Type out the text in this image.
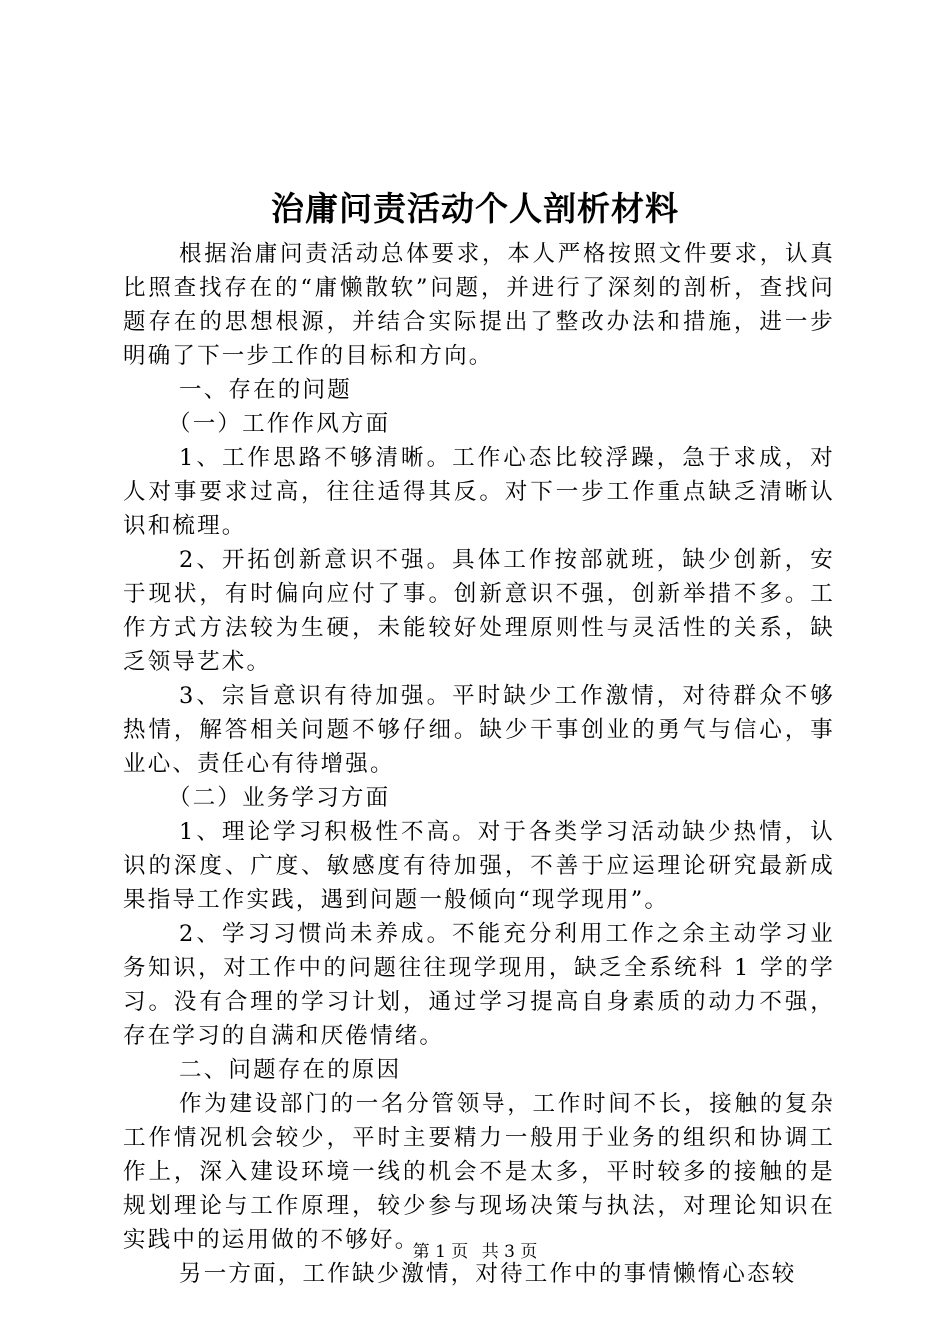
治庸问责活动个人剖析材料

根据治庸问责活动总体要求，本人严格按照文件要求，认真比照查找存在的“庸懒散软”问题，并进行了深刻的剖析，查找问题存在的思想根源，并结合实际提出了整改办法和措施，进一步明确了下一步工作的目标和方向。

一、存在的问题

（一）工作作风方面

1、工作思路不够清晰。工作心态比较浮躁，急于求成，对人对事要求过高，往往适得其反。对下一步工作重点缺乏清晰认识和梳理。

2、开拓创新意识不强。具体工作按部就班，缺少创新，安于现状，有时偏向应付了事。创新意识不强，创新举措不多。工作方式方法较为生硬，未能较好处理原则性与灵活性的关系，缺乏领导艺术。

3、宗旨意识有待加强。平时缺少工作激情，对待群众不够热情，解答相关问题不够仔细。缺少干事创业的勇气与信心，事业心、责任心有待增强。

（二）业务学习方面

1、理论学习积极性不高。对于各类学习活动缺少热情，认识的深度、广度、敏感度有待加强，不善于应运理论研究最新成果指导工作实践，遇到问题一般倾向“现学现用”。

2、学习习惯尚未养成。不能充分利用工作之余主动学习业务知识，对工作中的问题往往现学现用，缺乏全系统科 1 学的学习。没有合理的学习计划，通过学习提高自身素质的动力不强，存在学习的自满和厌倦情绪。

二、问题存在的原因

作为建设部门的一名分管领导，工作时间不长，接触的复杂工作情况机会较少，平时主要精力一般用于业务的组织和协调工作上，深入建设环境一线的机会不是太多，平时较多的接触的是规划理论与工作原理，较少参与现场决策与执法，对理论知识在实践中的运用做的不够好。

另一方面，工作缺少激情，对待工作中的事情懒惰心态较

第 1 页 共 3 页
